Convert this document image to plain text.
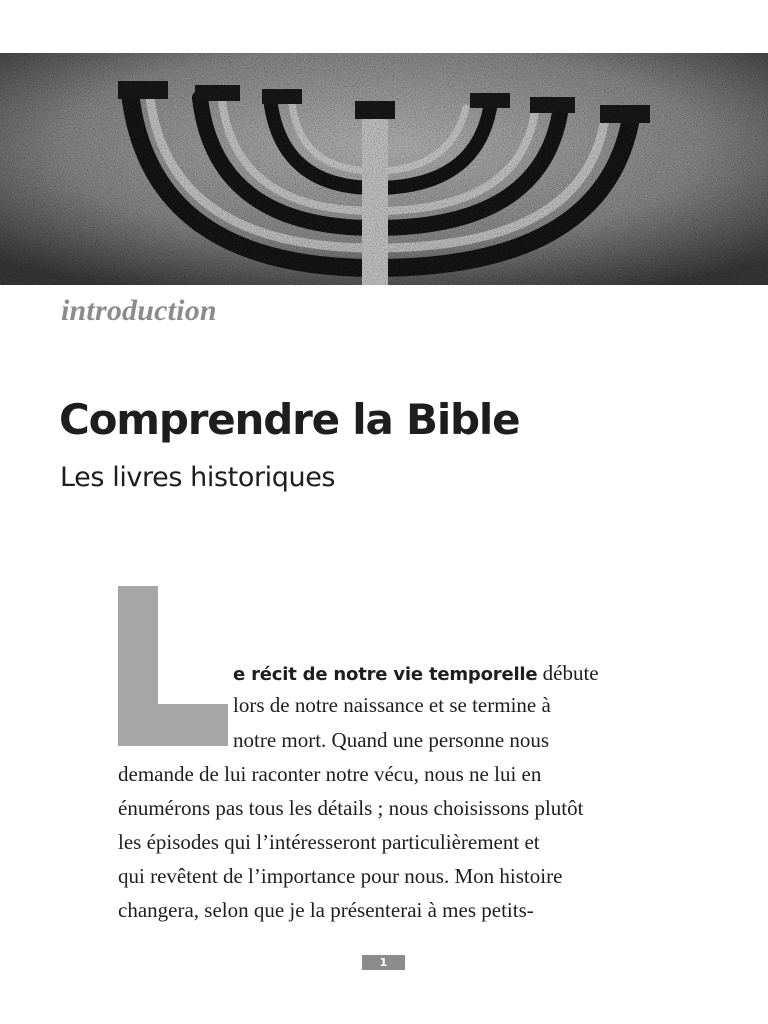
introduction
Comprendre la Bible
Les livres historiques
e récit de notre vie temporelle débute
lors de notre naissance et se termine à
notre mort. Quand une personne nous
demande de lui raconter notre vécu, nous ne lui en
énumérons pas tous les détails ; nous choisissons plutôt
les épisodes qui l’intéresseront particulièrement et
qui revêtent de l’importance pour nous. Mon histoire
changera, selon que je la présenterai à mes petits-
1
